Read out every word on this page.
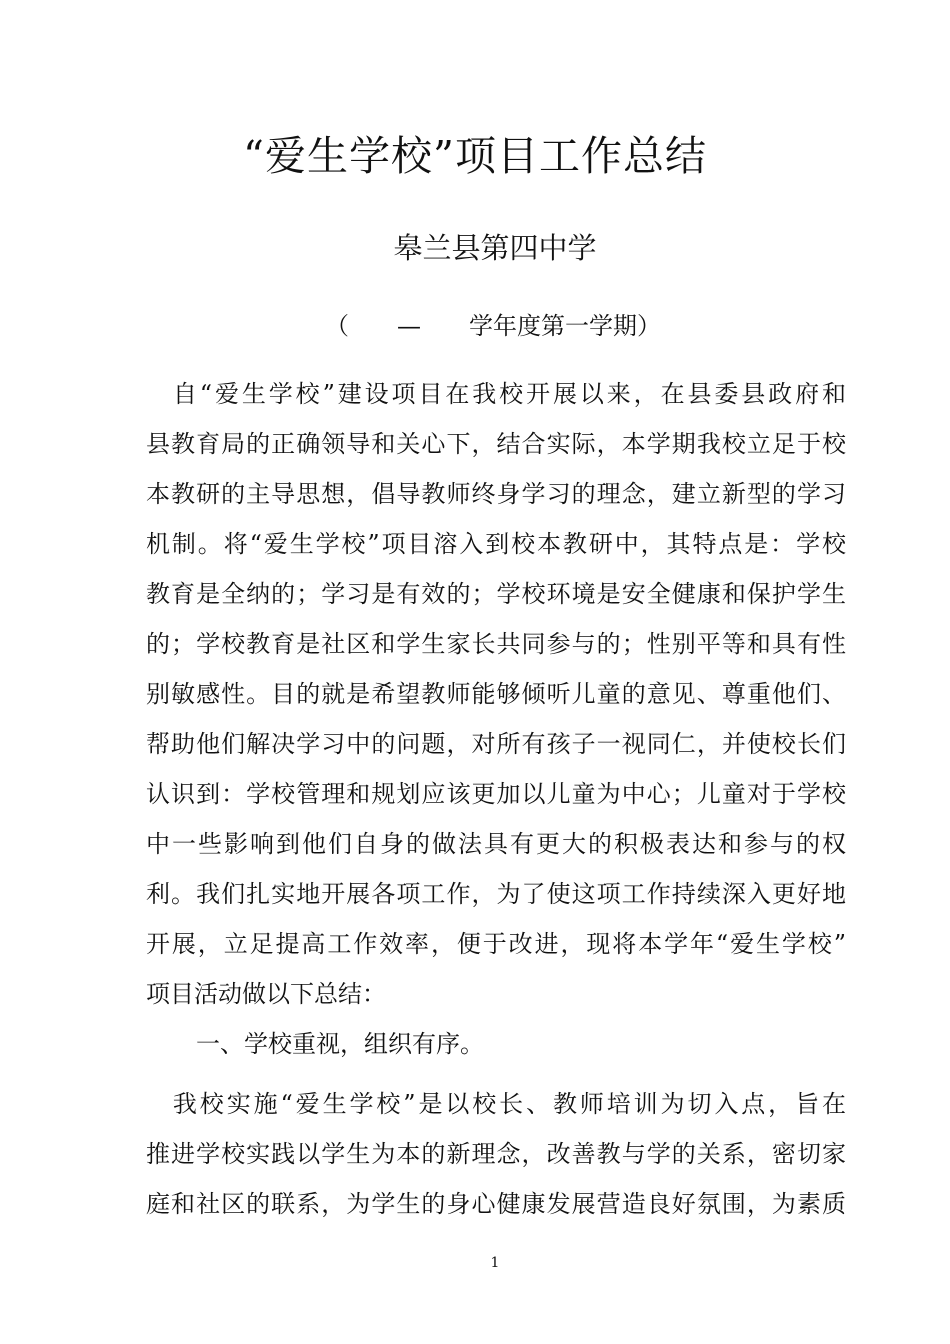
“爱生学校”项目工作总结

皋兰县第四中学

（　　—　　学年度第一学期）

　自“爱生学校”建设项目在我校开展以来，在县委县政府和

县教育局的正确领导和关心下，结合实际，本学期我校立足于校

本教研的主导思想，倡导教师终身学习的理念，建立新型的学习

机制。将“爱生学校”项目溶入到校本教研中，其特点是：学校

教育是全纳的；学习是有效的；学校环境是安全健康和保护学生

的；学校教育是社区和学生家长共同参与的；性别平等和具有性

别敏感性。目的就是希望教师能够倾听儿童的意见、尊重他们、

帮助他们解决学习中的问题，对所有孩子一视同仁，并使校长们

认识到：学校管理和规划应该更加以儿童为中心；儿童对于学校

中一些影响到他们自身的做法具有更大的积极表达和参与的权

利。我们扎实地开展各项工作，为了使这项工作持续深入更好地

开展，立足提高工作效率，便于改进，现将本学年“爱生学校”

项目活动做以下总结：

一、学校重视，组织有序。

　我校实施“爱生学校”是以校长、教师培训为切入点，旨在

推进学校实践以学生为本的新理念，改善教与学的关系，密切家

庭和社区的联系，为学生的身心健康发展营造良好氛围，为素质

1
